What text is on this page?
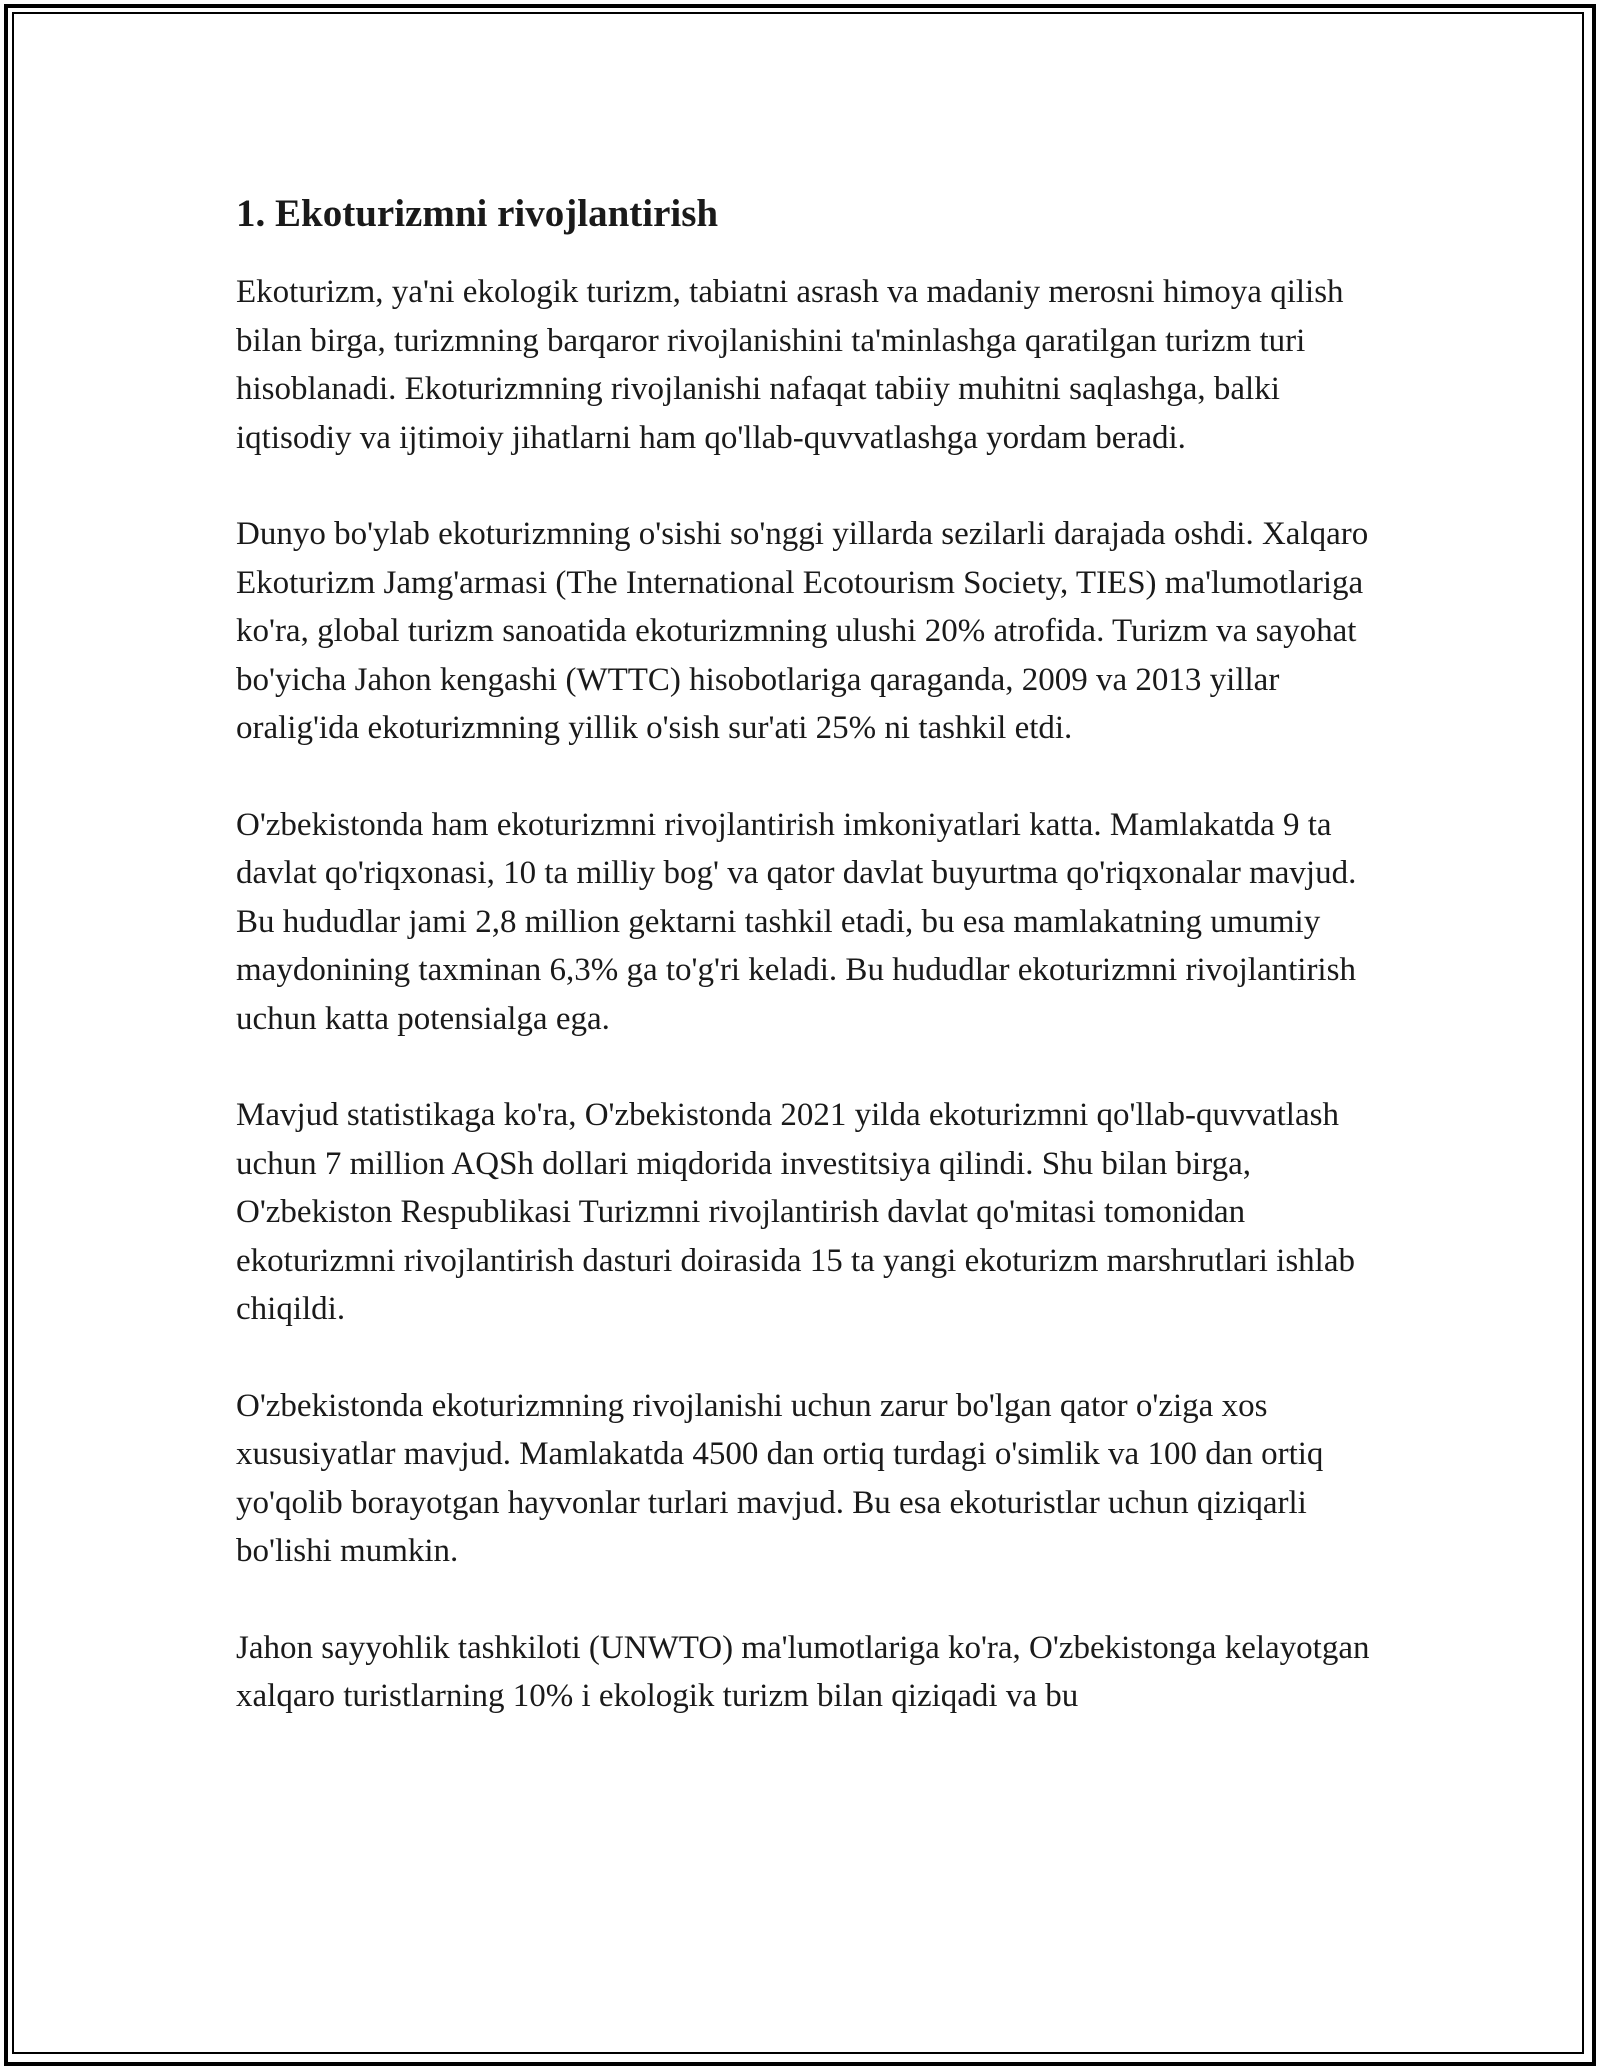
1. Ekoturizmni rivojlantirish

Ekoturizm, ya'ni ekologik turizm, tabiatni asrash va madaniy merosni himoya qilish bilan birga, turizmning barqaror rivojlanishini ta'minlashga qaratilgan turizm turi hisoblanadi. Ekoturizmning rivojlanishi nafaqat tabiiy muhitni saqlashga, balki iqtisodiy va ijtimoiy jihatlarni ham qo'llab-quvvatlashga yordam beradi.

Dunyo bo'ylab ekoturizmning o'sishi so'nggi yillarda sezilarli darajada oshdi. Xalqaro Ekoturizm Jamg'armasi (The International Ecotourism Society, TIES) ma'lumotlariga ko'ra, global turizm sanoatida ekoturizmning ulushi 20% atrofida. Turizm va sayohat bo'yicha Jahon kengashi (WTTC) hisobotlariga qaraganda, 2009 va 2013 yillar oralig'ida ekoturizmning yillik o'sish sur'ati 25% ni tashkil etdi.

O'zbekistonda ham ekoturizmni rivojlantirish imkoniyatlari katta. Mamlakatda 9 ta davlat qo'riqxonasi, 10 ta milliy bog' va qator davlat buyurtma qo'riqxonalar mavjud. Bu hududlar jami 2,8 million gektarni tashkil etadi, bu esa mamlakatning umumiy maydonining taxminan 6,3% ga to'g'ri keladi. Bu hududlar ekoturizmni rivojlantirish uchun katta potensialga ega.

Mavjud statistikaga ko'ra, O'zbekistonda 2021 yilda ekoturizmni qo'llab-quvvatlash uchun 7 million AQSh dollari miqdorida investitsiya qilindi. Shu bilan birga, O'zbekiston Respublikasi Turizmni rivojlantirish davlat qo'mitasi tomonidan ekoturizmni rivojlantirish dasturi doirasida 15 ta yangi ekoturizm marshrutlari ishlab chiqildi.

O'zbekistonda ekoturizmning rivojlanishi uchun zarur bo'lgan qator o'ziga xos xususiyatlar mavjud. Mamlakatda 4500 dan ortiq turdagi o'simlik va 100 dan ortiq yo'qolib borayotgan hayvonlar turlari mavjud. Bu esa ekoturistlar uchun qiziqarli bo'lishi mumkin.

Jahon sayyohlik tashkiloti (UNWTO) ma'lumotlariga ko'ra, O'zbekistonga kelayotgan xalqaro turistlarning 10% i ekologik turizm bilan qiziqadi va bu
